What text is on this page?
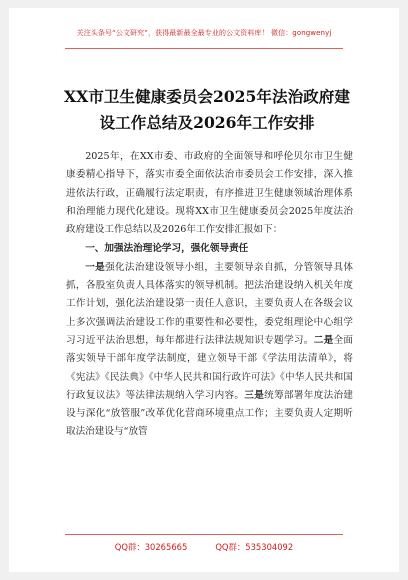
关注头条号“公文研究”，获得最新最全最专业的公文资料库！ 微信：gongwenyj
XX市卫生健康委员会2025年法治政府建设工作总结及2026年工作安排

2025年，在XX市委、市政府的全面领导和呼伦贝尔市卫生健康委精心指导下，落实市委全面依法治市委员会工作安排，深入推进依法行政，正确履行法定职责，有序推进卫生健康领域治理体系和治理能力现代化建设。现将XX市卫生健康委员会2025年度法治政府建设工作总结以及2026年工作安排汇报如下：

一、加强法治理论学习，强化领导责任

一是强化法治建设领导小组，主要领导亲自抓，分管领导具体抓，各股室负责人具体落实的领导机制。把法治建设纳入机关年度工作计划，强化法治建设第一责任人意识，主要负责人在各级会议上多次强调法治建设工作的重要性和必要性，委党组理论中心组学习习近平法治思想，每年都进行法律法规知识专题学习。二是全面落实领导干部年度学法制度，建立领导干部《学法用法清单》，将《宪法》《民法典》《中华人民共和国行政许可法》《中华人民共和国行政复议法》等法律法规纳入学习内容。三是统筹部署年度法治建设与深化“放管服”改革优化营商环境重点工作；主要负责人定期听取法治建设与“放管

QQ群：30265665	QQ群：535304092
